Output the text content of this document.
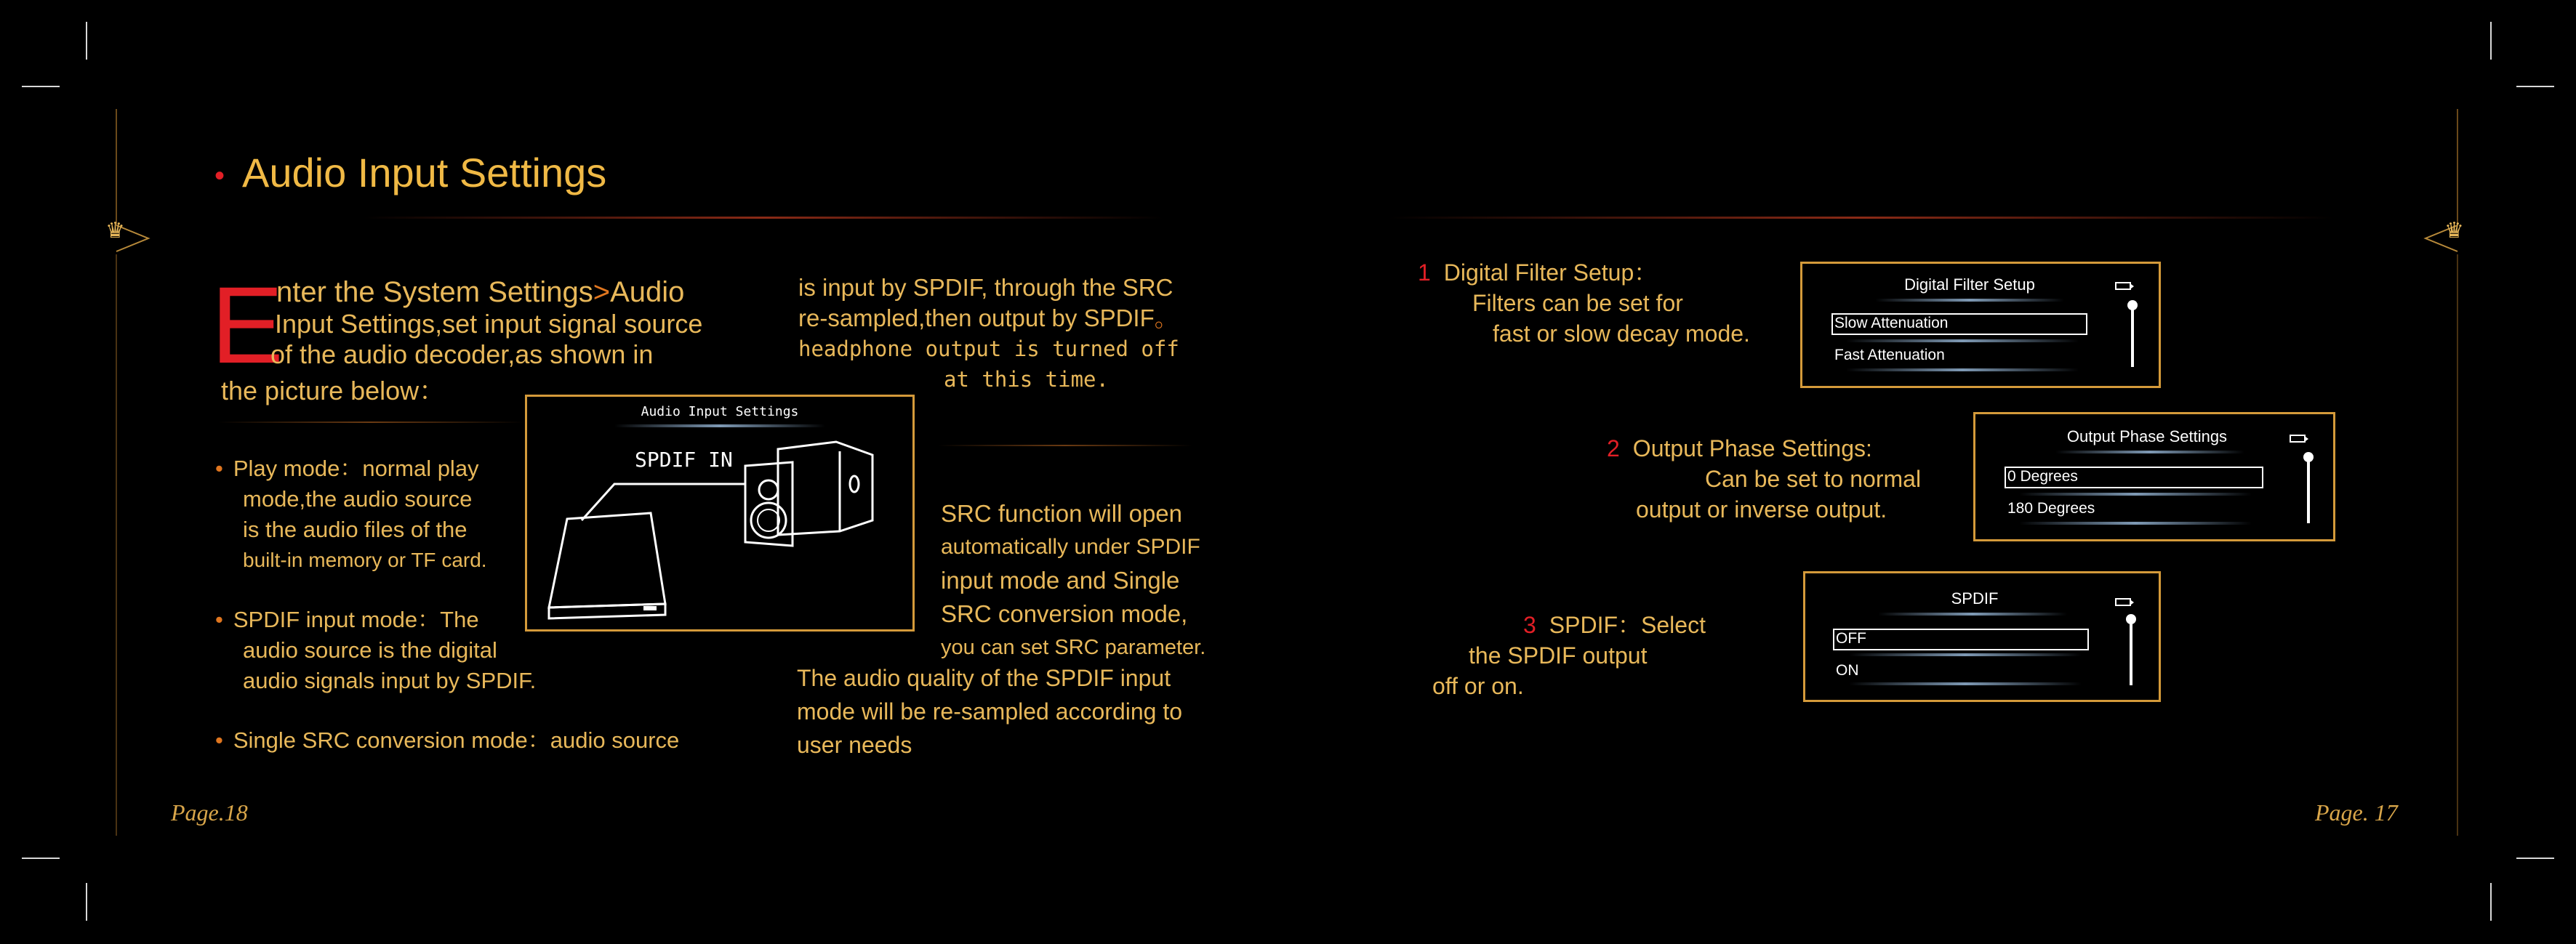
♛	♛
• Audio Input Settings
E
nter the System Settings>Audio
Input Settings,set input signal source
of the audio decoder,as shown in
the picture below：
Audio Input Settings
SPDIF IN
• Play mode：normal play
mode,the audio source
is the audio files of the
built-in memory or TF card.
• SPDIF input mode：The
audio source is the digital
audio signals input by SPDIF.
• Single SRC conversion mode：audio source
is input by SPDIF, through the SRC
re-sampled,then output by SPDIF。
headphone output is turned off
at this time.
SRC function will open
automatically under SPDIF
input mode and Single
SRC conversion mode,
you can set SRC parameter.
The audio quality of the SPDIF input
mode will be re-sampled according to
user needs
Page.18
1 Digital Filter Setup：
Filters can be set for
fast or slow decay mode.
Digital Filter Setup
Slow Attenuation
Fast Attenuation
2 Output Phase Settings:
Can be set to normal
output or inverse output.
Output Phase Settings
0 Degrees
180 Degrees
3 SPDIF：Select
the SPDIF output
off or on.
SPDIF
OFF
ON
Page. 17
